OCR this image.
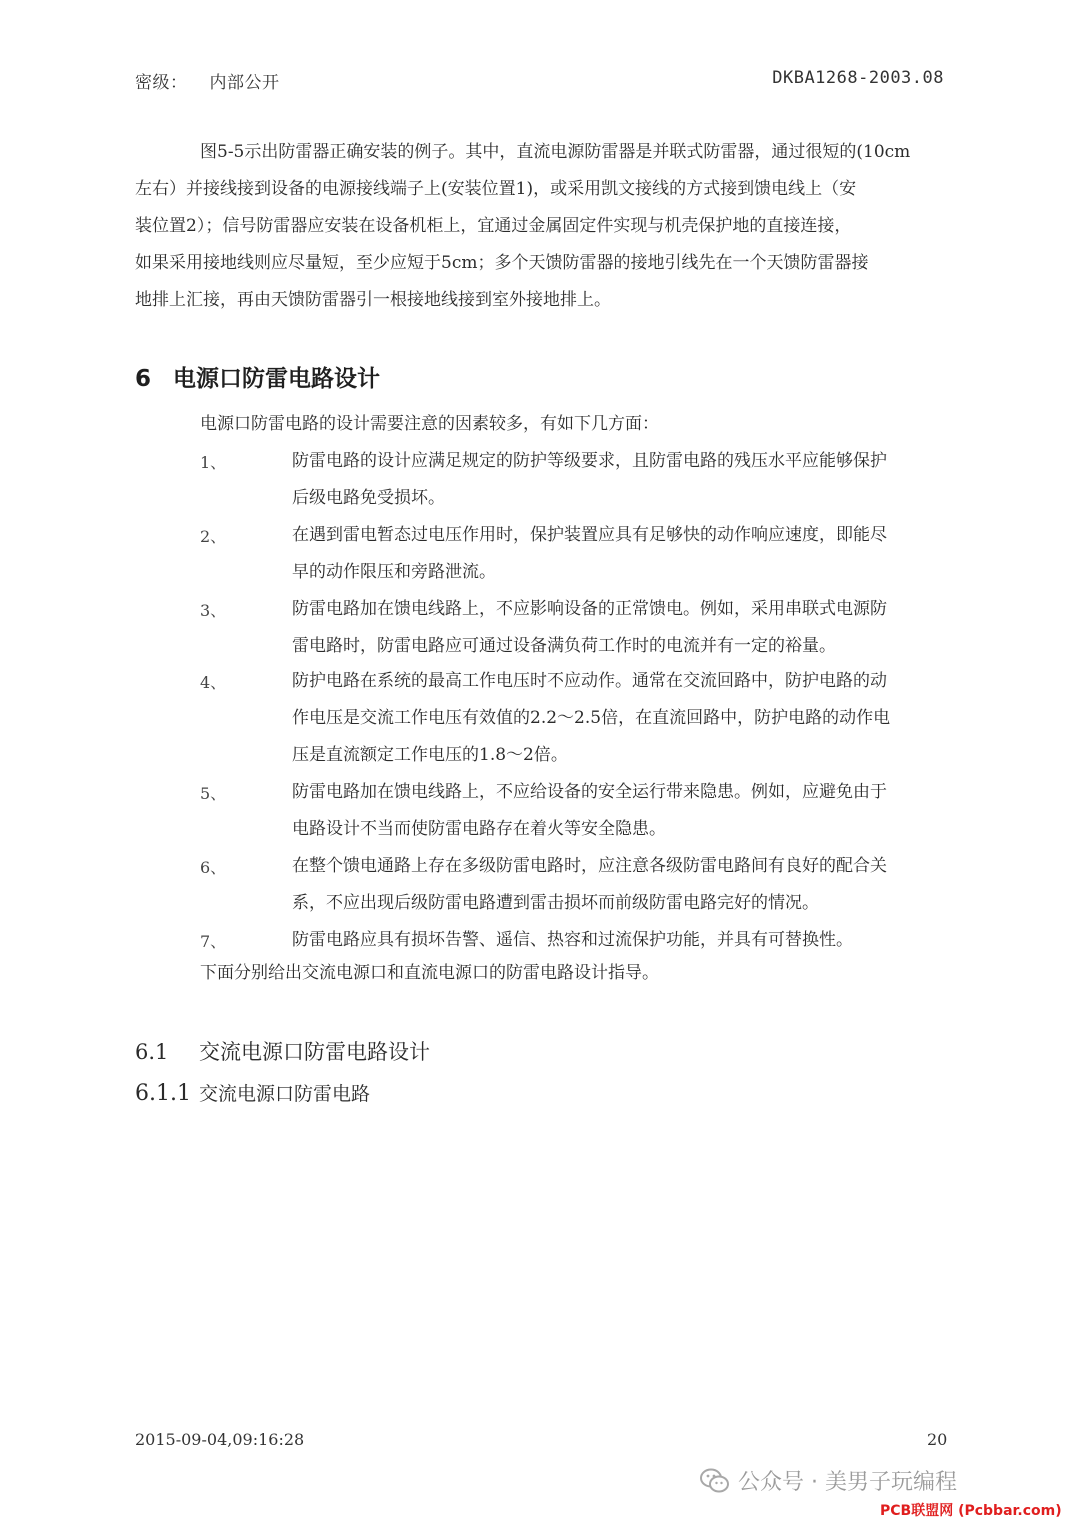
密级： 内部公开	DKBA1268-2003.08
图5-5示出防雷器正确安装的例子。其中，直流电源防雷器是并联式防雷器，通过很短的(10cm
左右）并接线接到设备的电源接线端子上(安装位置1)，或采用凯文接线的方式接到馈电线上（安
装位置2）；信号防雷器应安装在设备机柜上，宜通过金属固定件实现与机壳保护地的直接连接，
如果采用接地线则应尽量短，至少应短于5cm；多个天馈防雷器的接地引线先在一个天馈防雷器接
地排上汇接，再由天馈防雷器引一根接地线接到室外接地排上。
6 电源口防雷电路设计
电源口防雷电路的设计需要注意的因素较多，有如下几方面：
1、	防雷电路的设计应满足规定的防护等级要求，且防雷电路的残压水平应能够保护
后级电路免受损坏。
2、	在遇到雷电暂态过电压作用时，保护装置应具有足够快的动作响应速度，即能尽
早的动作限压和旁路泄流。
3、	防雷电路加在馈电线路上，不应影响设备的正常馈电。例如，采用串联式电源防
雷电路时，防雷电路应可通过设备满负荷工作时的电流并有一定的裕量。
4、	防护电路在系统的最高工作电压时不应动作。通常在交流回路中，防护电路的动
作电压是交流工作电压有效值的2.2～2.5倍，在直流回路中，防护电路的动作电
压是直流额定工作电压的1.8～2倍。
5、	防雷电路加在馈电线路上，不应给设备的安全运行带来隐患。例如，应避免由于
电路设计不当而使防雷电路存在着火等安全隐患。
6、	在整个馈电通路上存在多级防雷电路时，应注意各级防雷电路间有良好的配合关
系，不应出现后级防雷电路遭到雷击损坏而前级防雷电路完好的情况。
7、	防雷电路应具有损坏告警、遥信、热容和过流保护功能，并具有可替换性。
下面分别给出交流电源口和直流电源口的防雷电路设计指导。
6.1 交流电源口防雷电路设计
6.1.1 交流电源口防雷电路
2015-09-04,09:16:28	20
公众号 · 美男子玩编程
PCB联盟网 (Pcbbar.com)
